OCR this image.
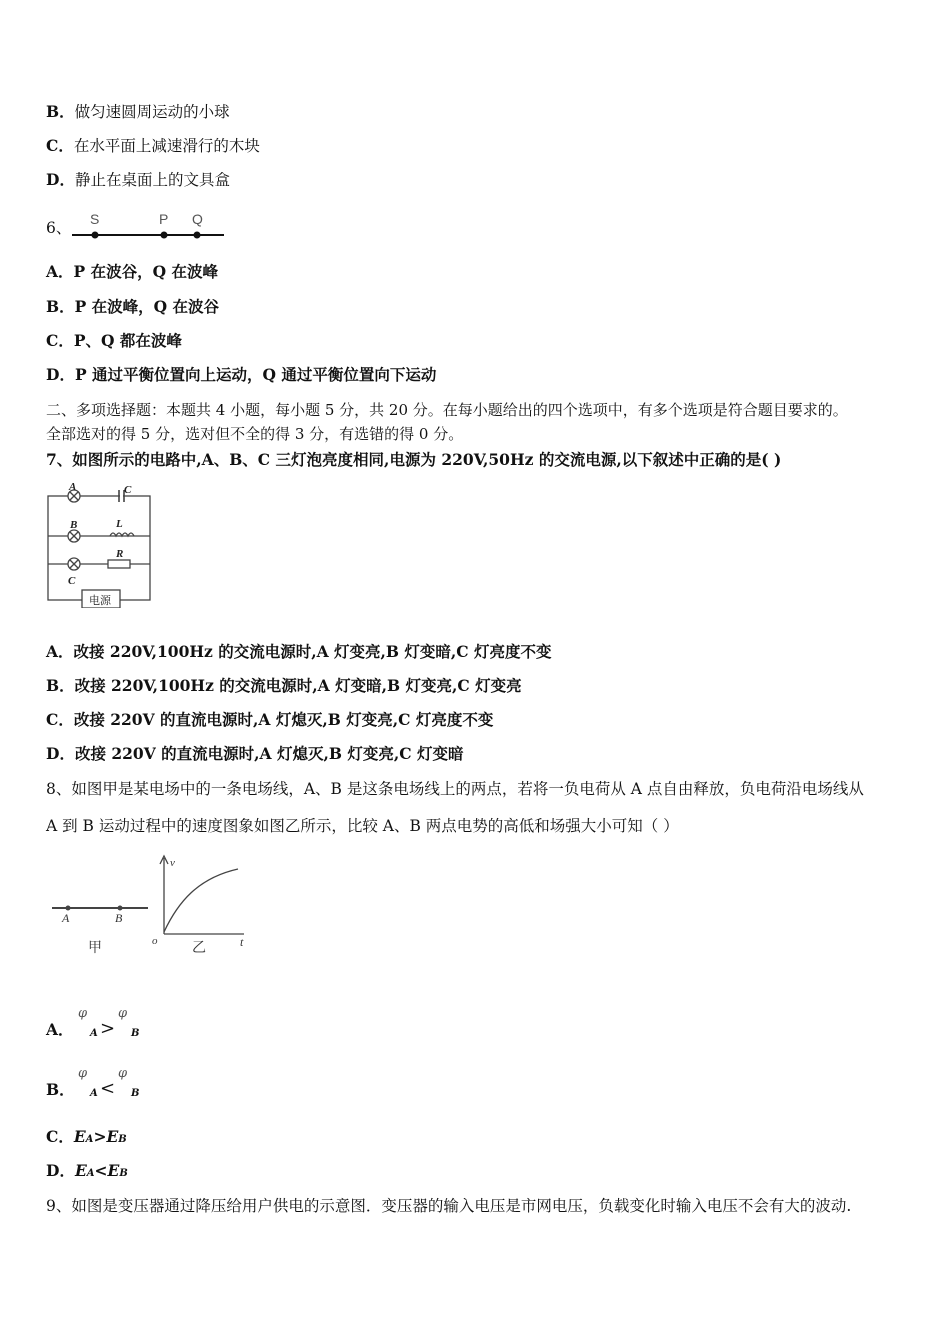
B．做匀速圆周运动的小球
C．在水平面上减速滑行的木块
D．静止在桌面上的文具盒
6、 S	P Q
A．P 在波谷，Q 在波峰
B．P 在波峰，Q 在波谷
C．P、Q 都在波峰
D．P 通过平衡位置向上运动，Q 通过平衡位置向下运动
二、多项选择题：本题共 4 小题，每小题 5 分，共 20 分。在每小题给出的四个选项中，有多个选项是符合题目要求的。
全部选对的得 5 分，选对但不全的得 3 分，有选错的得 0 分。
7、如图所示的电路中,A、B、C 三灯泡亮度相同,电源为 220V,50Hz 的交流电源,以下叙述中正确的是( )
A
B
C
C
L
R
电源
A．改接 220V,100Hz 的交流电源时,A 灯变亮,B 灯变暗,C 灯亮度不变
B．改接 220V,100Hz 的交流电源时,A 灯变暗,B 灯变亮,C 灯变亮
C．改接 220V 的直流电源时,A 灯熄灭,B 灯变亮,C 灯亮度不变
D．改接 220V 的直流电源时,A 灯熄灭,B 灯变亮,C 灯变暗
8、如图甲是某电场中的一条电场线，A、B 是这条电场线上的两点，若将一负电荷从 A 点自由释放，负电荷沿电场线从
A 到 B 运动过程中的速度图象如图乙所示，比较 A、B 两点电势的高低和场强大小可知（ ）
A	B
甲
v
t
o 乙
A．
φ
A >
φ
B
B．
φ
A <
φ
B
C．EA>EB
D．EA<EB
9、如图是变压器通过降压给用户供电的示意图．变压器的输入电压是市网电压，负载变化时输入电压不会有大的波动.
